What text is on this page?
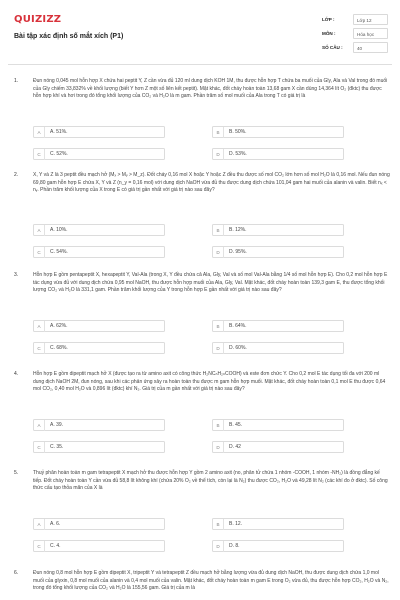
QUIZIZZ
Bài tập xác định số mắt xích (P1)
LỚP :	Lớp 12
MÔN :	Hóa học
SỐ CÂU :	40
1.	Đun nóng 0,045 mol hỗn hợp X chứa hai peptit Y, Z cần vừa đủ 120 ml dung dịch KOH 1M, thu được hỗn hợp T chứa ba muối của Gly, Ala và Val trong đó muối của Gly chiếm 33,832% về khối lượng (biết Y hơn Z một số liên kết peptit). Mặt khác, đốt cháy hoàn toàn 13,68 gam X cần dùng 14,364 lít O₂ (đktc) thu được hỗn hợp khí và hơi trong đó tổng khối lượng của CO₂ và H₂O là m gam. Phần trăm số mol muối của Ala trong T có giá trị là
A	A. 51%.	B	B. 50%.
C	C. 52%.	D	D. 53%.
2.	X, Y và Z là 3 peptit đều mạch hở (Mₓ > Mᵧ > M_z). Đốt cháy 0,16 mol X hoặc Y hoặc Z đều thu được số mol CO₂ lớn hơn số mol H₂O là 0,16 mol. Nếu đun nóng 69,80 gam hỗn hợp E chứa X, Y và Z (n_y = 0,16 mol) với dung dịch NaOH vừa đủ thu được dung dịch chứa 101,04 gam hai muối của alanin và valin. Biết nₓ < nᵧ. Phần trăm khối lượng của X trong E có giá trị gần nhất với giá trị nào sau đây?
A	A. 10%.	B	B. 12%.
C	C. 54%.	D	D. 95%.
3.	Hỗn hợp E gồm pentapeptit X, hexapeptit Y, Val-Ala (trong X, Y đều chứa cả Ala, Gly, Val và số mol Val-Ala bằng 1/4 số mol hỗn hợp E). Cho 0,2 mol hỗn hợp E tác dụng vừa đủ với dung dịch chứa 0,95 mol NaOH, thu được hỗn hợp muối của Ala, Gly, Val. Mặt khác, đốt cháy hoàn toàn 139,3 gam E, thu được tổng khối lượng CO₂ và H₂O là 331,1 gam. Phần trăm khối lượng của Y trong hỗn hợp E gần nhất với giá trị nào sau đây?
A	A. 62%.	B	B. 64%.
C	C. 68%.	D	D. 60%.
4.	Hỗn hợp E gồm dipeptit mạch hở X (được tạo ra từ amino axit có công thức H₂NCₙH₂ₙCOOH) và este đơn chức Y. Cho 0,2 mol E tác dụng tối đa với 200 ml dung dịch NaOH 2M, đun nóng, sau khi các phản ứng xảy ra hoàn toàn thu được m gam hỗn hợp muối. Mặt khác, đốt cháy hoàn toàn 0,1 mol E thu được 0,64 mol CO₂, 0,40 mol H₂O và 0,896 lít (đktc) khí N₂. Giá trị của m gần nhất với giá trị nào sau đây?
A	A. 39.	B	B. 45.
C	C. 35.	D	D. 42
5.	Thuỷ phân hoàn toàn m gam tetrapeptit X mạch hở thu được hỗn hợp Y gồm 2 amino axit (no, phân tử chứa 1 nhóm -COOH, 1 nhóm -NH₂) là đồng đẳng kế tiếp. Đốt cháy hoàn toàn Y cần vừa đủ 58,8 lít không khí (chứa 20% O₂ về thể tích, còn lại là N₂) thu được CO₂, H₂O và 49,28 lít N₂ (các khí đo ở đktc). Số công thức cấu tạo thỏa mãn của X là
A	A. 6.	B	B. 12.
C	C. 4.	D	D. 8.
6.	Đun nóng 0,8 mol hỗn hợp E gồm dipeptit X, tripeptit Y và tetrapeptit Z đều mạch hở bằng lượng vừa đủ dung dịch NaOH, thu được dung dịch chứa 1,0 mol muối của glyxin, 0,8 mol muối của alanin và 0,4 mol muối của valin. Mặt khác, đốt cháy hoàn toàn m gam E trong O₂ vừa đủ, thu được hỗn hợp CO₂, H₂O và N₂, trong đó tổng khối lượng của CO₂ và H₂O là 155,56 gam. Giá trị của m là
